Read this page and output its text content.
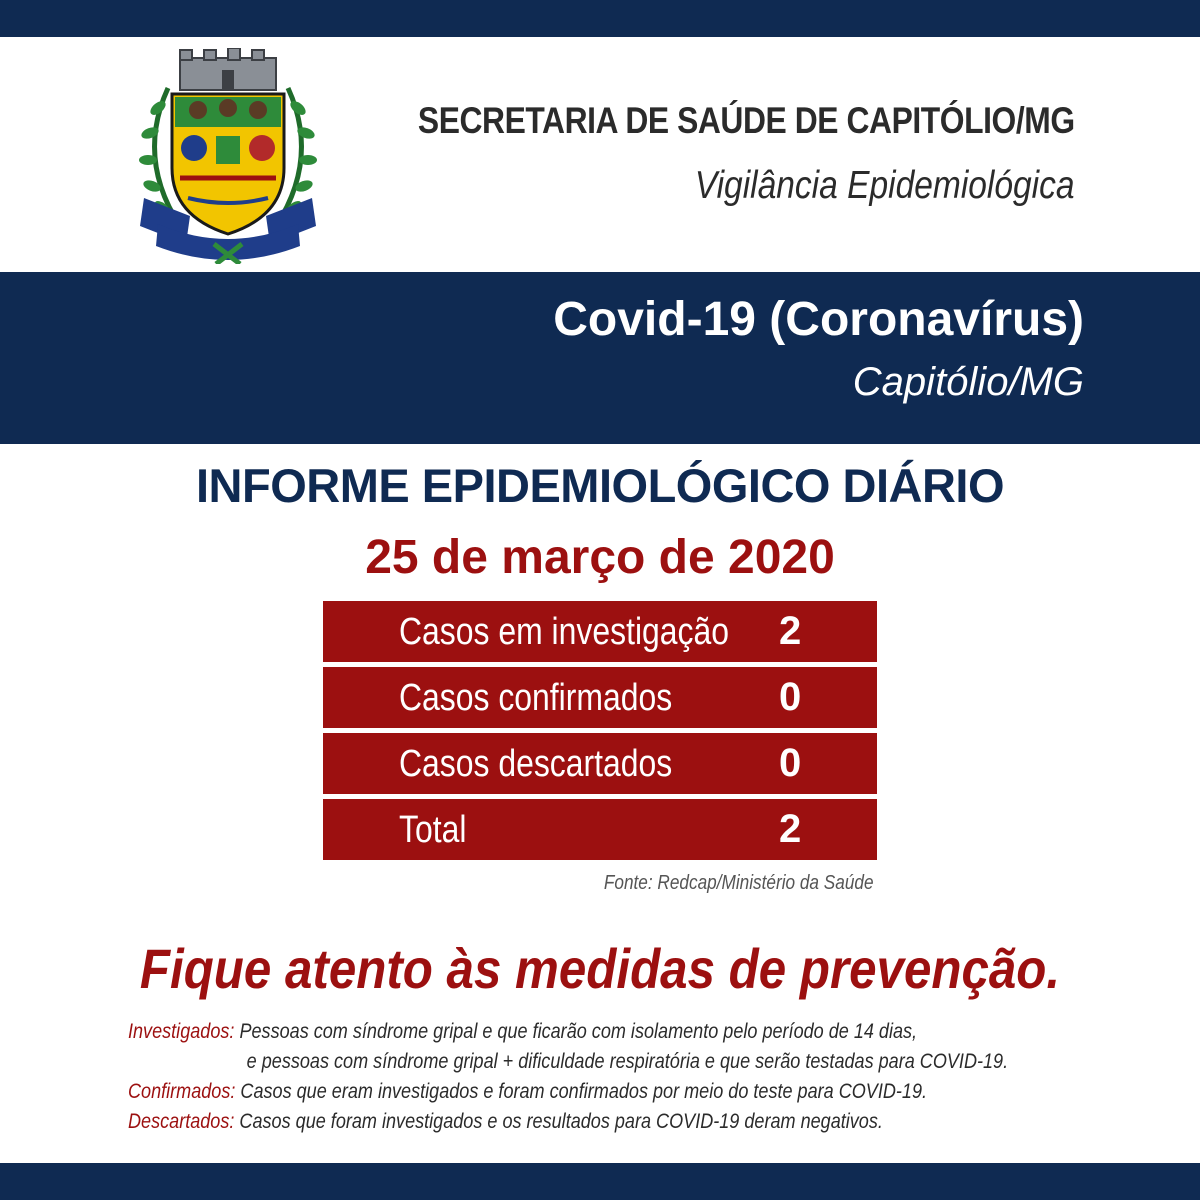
SECRETARIA DE SAÚDE DE CAPITÓLIO/MG
Vigilância Epidemiológica
Covid-19 (Coronavírus)
Capitólio/MG
INFORME EPIDEMIOLÓGICO DIÁRIO
25 de março de 2020
Casos em investigação 2
Casos confirmados	0
Casos descartados	0
Total	2
Fonte: Redcap/Ministério da Saúde
Fique atento às medidas de prevenção.
Investigados: Pessoas com síndrome gripal e que ficarão com isolamento pelo período de 14 dias,
e pessoas com síndrome gripal + dificuldade respiratória e que serão testadas para COVID-19.
Confirmados: Casos que eram investigados e foram confirmados por meio do teste para COVID-19.
Descartados: Casos que foram investigados e os resultados para COVID-19 deram negativos.
